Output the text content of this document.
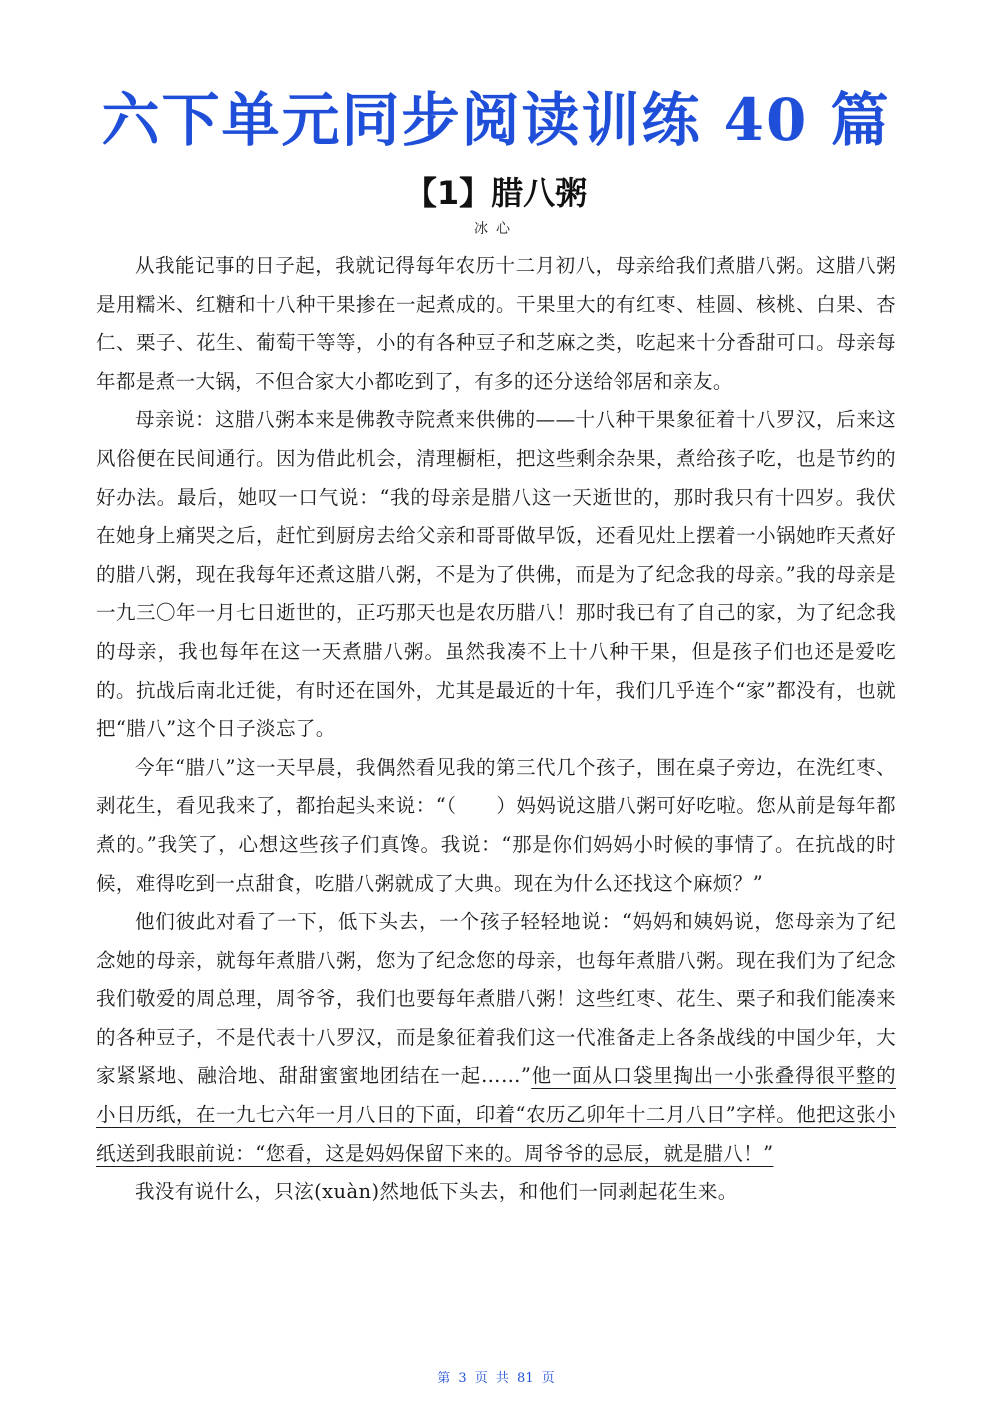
六下单元同步阅读训练 40 篇
【1】腊八粥
冰心

从我能记事的日子起，我就记得每年农历十二月初八，母亲给我们煮腊八粥。这腊八粥是用糯米、红糖和十八种干果掺在一起煮成的。干果里大的有红枣、桂圆、核桃、白果、杏仁、栗子、花生、葡萄干等等，小的有各种豆子和芝麻之类，吃起来十分香甜可口。母亲每年都是煮一大锅，不但合家大小都吃到了，有多的还分送给邻居和亲友。

母亲说：这腊八粥本来是佛教寺院煮来供佛的——十八种干果象征着十八罗汉，后来这风俗便在民间通行。因为借此机会，清理橱柜，把这些剩余杂果，煮给孩子吃，也是节约的好办法。最后，她叹一口气说：“我的母亲是腊八这一天逝世的，那时我只有十四岁。我伏在她身上痛哭之后，赶忙到厨房去给父亲和哥哥做早饭，还看见灶上摆着一小锅她昨天煮好的腊八粥，现在我每年还煮这腊八粥，不是为了供佛，而是为了纪念我的母亲。”我的母亲是一九三〇年一月七日逝世的，正巧那天也是农历腊八！那时我已有了自己的家，为了纪念我的母亲，我也每年在这一天煮腊八粥。虽然我凑不上十八种干果，但是孩子们也还是爱吃的。抗战后南北迁徙，有时还在国外，尤其是最近的十年，我们几乎连个“家”都没有，也就把“腊八”这个日子淡忘了。

今年“腊八”这一天早晨，我偶然看见我的第三代几个孩子，围在桌子旁边，在洗红枣、剥花生，看见我来了，都抬起头来说：“（　　）妈妈说这腊八粥可好吃啦。您从前是每年都煮的。”我笑了，心想这些孩子们真馋。我说：“那是你们妈妈小时候的事情了。在抗战的时候，难得吃到一点甜食，吃腊八粥就成了大典。现在为什么还找这个麻烦？”

他们彼此对看了一下，低下头去，一个孩子轻轻地说：“妈妈和姨妈说，您母亲为了纪念她的母亲，就每年煮腊八粥，您为了纪念您的母亲，也每年煮腊八粥。现在我们为了纪念我们敬爱的周总理，周爷爷，我们也要每年煮腊八粥！这些红枣、花生、栗子和我们能凑来的各种豆子，不是代表十八罗汉，而是象征着我们这一代准备走上各条战线的中国少年，大家紧紧地、融洽地、甜甜蜜蜜地团结在一起……”他一面从口袋里掏出一小张叠得很平整的小日历纸，在一九七六年一月八日的下面，印着“农历乙卯年十二月八日”字样。他把这张小纸送到我眼前说：“您看，这是妈妈保留下来的。周爷爷的忌辰，就是腊八！”

我没有说什么，只泫(xuàn)然地低下头去，和他们一同剥起花生来。

第 3 页 共 81 页
